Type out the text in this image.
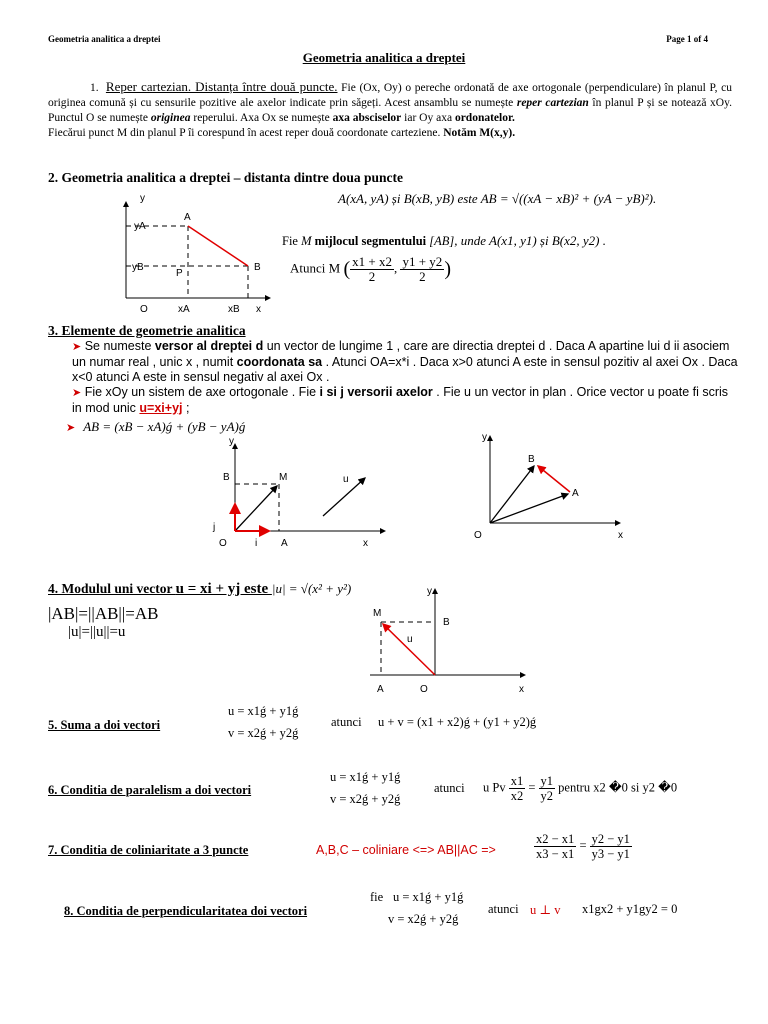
Geometria analitica a dreptei	Page 1 of 4
Geometria analitica a dreptei
1. Reper cartezian. Distanța între două puncte. Fie (Ox, Oy) o pereche ordonată de axe ortogonale (perpendiculare) în planul P, cu originea comună și cu sensurile pozitive ale axelor indicate prin săgeți. Acest ansamblu se numește reper cartezian în planul P și se notează xOy. Punctul O se numește originea reperului. Axa Ox se numește axa absciselor iar Oy axa ordonatelor.
Fiecărui punct M din planul P îi corespund în acest reper două coordonate carteziene. Notăm M(x,y).
2. Geometria analitica a dreptei – distanta dintre doua puncte
A(xA, yA) și B(xB, yB) este AB = √((xA − xB)² + (yA − yB)²).
y
yA
A
yB	B
P
O	xA	xB x
Fie M mijlocul segmentului [AB], unde A(x1, y1) și B(x2, y2) .
Atunci M ( $\frac{x1 + x2}{2}$ , $\frac{y1 + y2}{2}$ )
3. Elemente de geometrie analitica
➤ Se numeste versor al dreptei d un vector de lungime 1 , care are directia dreptei d . Daca A apartine lui d ii asociem un numar real , unic x , numit coordonata sa . Atunci OA=x*i . Daca x>0 atunci A este in sensul pozitiv al axei Ox . Daca x<0 atunci A este in sensul negativ al axei Ox .
➤ Fie xOy un sistem de axe ortogonale . Fie i si j versorii axelor . Fie u un vector in plan . Orice vector u poate fi scris in mod unic u=xi+yj ;
➤ AB = (xB − xA)ǵ + (yB − yA)ǵ
y
B	M	u
j
O	i A	x
y
B
A
O	x
4. Modulul uni vector u = xi + yj este |u| = √(x² + y²)
|AB|=||AB||=AB
|u|=||u||=u
y
M
B
u
A	O	x
5. Suma a doi vectori
u = x1ǵ + y1ǵ
v = x2ǵ + y2ǵ
atunci u + v = (x1 + x2)ǵ + (y1 + y2)ǵ
6. Conditia de paralelism a doi vectori
u = x1ǵ + y1ǵ
v = x2ǵ + y2ǵ
atunci u Pv $\frac{x1}{x2} = \frac{y1}{y2}$ pentru x2 �0 si y2 �0
7. Conditia de coliniaritate a 3 puncte	A,B,C – coliniare <=> AB||AC =>	$\frac{x2 - x1}{x3 - x1} = \frac{y2 - y1}{y3 - y1}$
8. Conditia de perpendicularitatea doi vectori
fie u = x1ǵ + y1ǵ
v = x2ǵ + y2ǵ
atunci u ⊥ v x1gx2 + y1gy2 = 0
